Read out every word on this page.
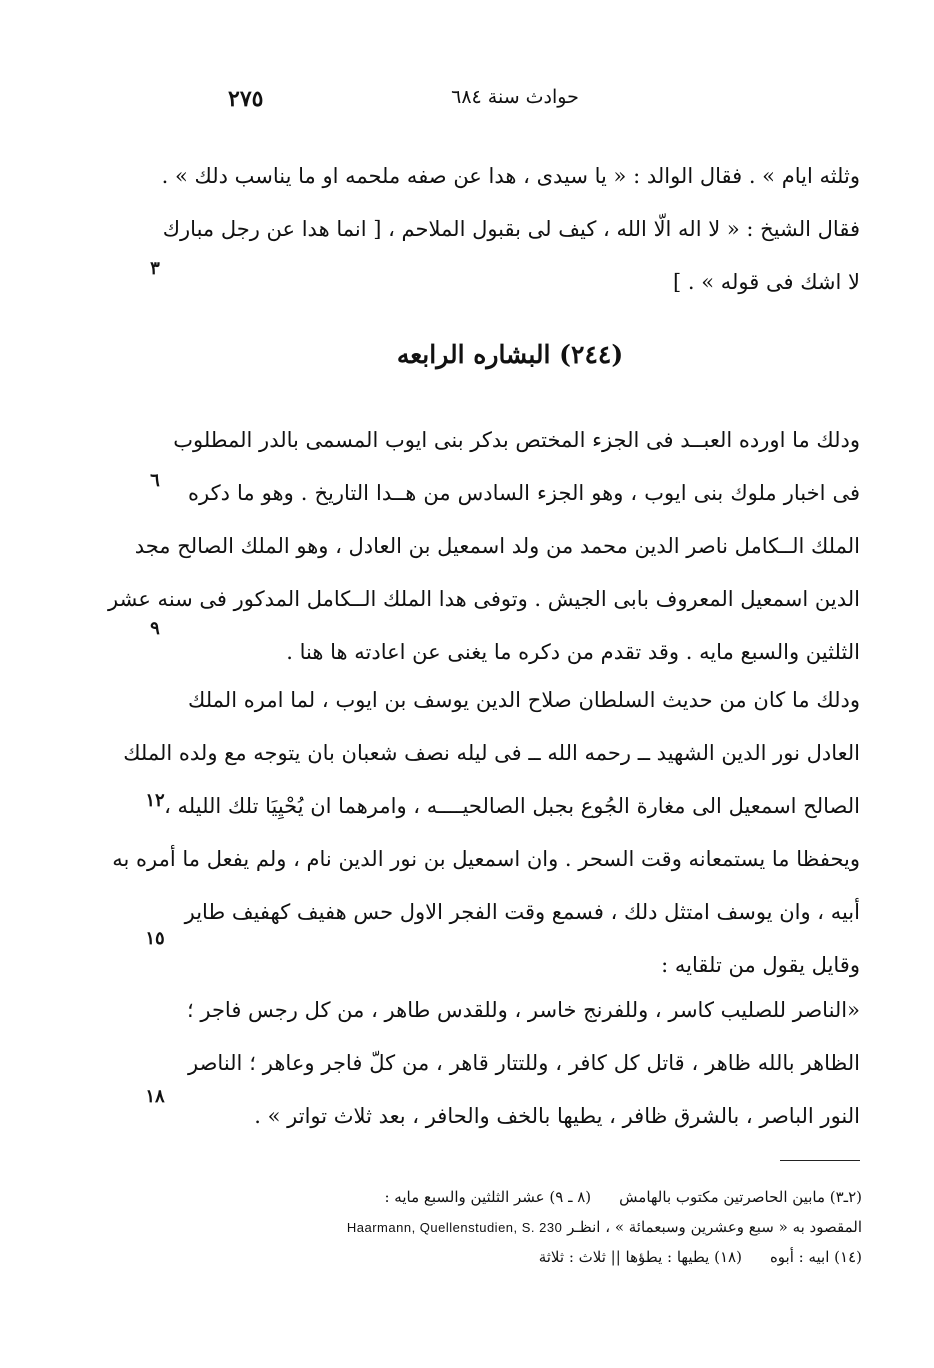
٢٧٥	حوادث سنة ٦٨٤
وثلثه ايام » . فقال الوالد : « يا سيدى ، هدا عن صفه ملحمه او ما يناسب دلك » .
فقال الشيخ : « لا اله الّا الله ، كيف لى بقبول الملاحم ، [ انما هدا عن رجل مبارك
لا اشك فى قوله » . ]
(٢٤٤) البشاره الرابعه
ودلك ما اورده العبــد فى الجزء المختص بدكر بنى ايوب المسمى بالدر المطلوب
فى اخبار ملوك بنى ايوب ، وهو الجزء السادس من هــدا التاريخ . وهو ما دكره
الملك الــكامل ناصر الدين محمد من ولد اسمعيل بن العادل ، وهو الملك الصالح مجد
الدين اسمعيل المعروف بابى الجيش . وتوفى هدا الملك الــكامل المدكور فى سنه عشر
الثلثين والسبع مايه . وقد تقدم من دكره ما يغنى عن اعادته ها هنا .
ودلك ما كان من حديث السلطان صلاح الدين يوسف بن ايوب ، لما امره الملك
العادل نور الدين الشهيد ــ رحمه الله ــ فى ليله نصف شعبان بان يتوجه مع ولده الملك
الصالح اسمعيل الى مغارة الجُوع بجبل الصالحيــــه ، وامرهما ان يُحْيِيَا تلك الليله ،
ويحفظا ما يستمعانه وقت السحر . وان اسمعيل بن نور الدين نام ، ولم يفعل ما أمره به
أبيه ، وان يوسف امتثل دلك ، فسمع وقت الفجر الاول حس هفيف كهفيف طاير
وقايل يقول من تلقايه :
«الناصر للصليب كاسر ، وللفرنج خاسر ، وللقدس طاهر ، من كل رجس فاجر ؛
الظاهر بالله ظاهر ، قاتل كل كافر ، وللتتار قاهر ، من كلّ فاجر وعاهر ؛ الناصر
النور الباصر ، بالشرق ظافر ، يطيها بالخف والحافر ، بعد ثلاث تواتر » .
٣
٦
٩
١٢
١٥
١٨
(٢ـ٣) مابين الحاصرتين مكتوب بالهامش(٨ ـ ٩) عشر الثلثين والسبع مايه :
المقصود به « سبع وعشرين وسبعمائة » ، انظـر Haarmann, Quellenstudien, S. 230
(١٤) ابيه : أبوه(١٨) يطيها : يطؤها || ثلاث : ثلاثة
